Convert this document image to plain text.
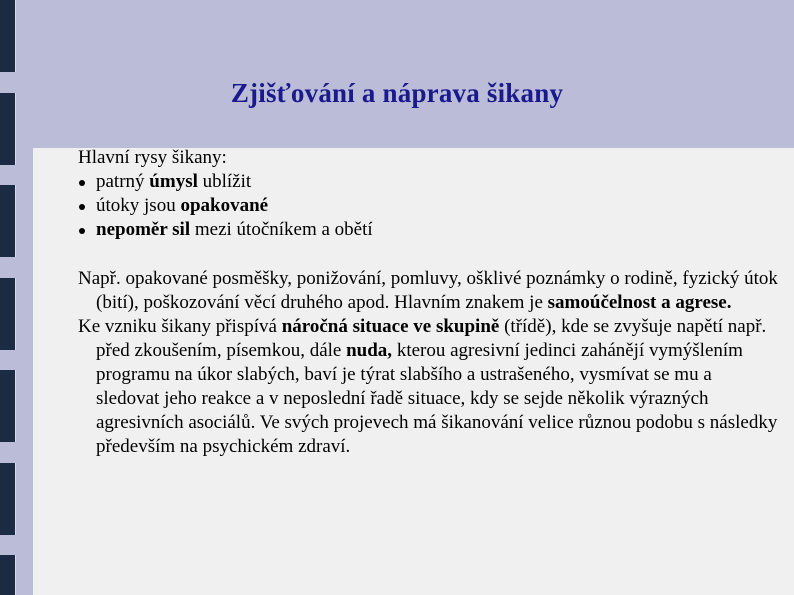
Zjišťování a náprava šikany

Hlavní rysy šikany:

patrný úmysl ublížit
útoky jsou opakované
nepoměr sil mezi útočníkem a obětí

Např. opakované posměšky, ponižování, pomluvy, ošklivé poznámky o rodině, fyzický útok (bití), poškozování věcí druhého apod. Hlavním znakem je samoúčelnost a agrese.

Ke vzniku šikany přispívá náročná situace ve skupině (třídě), kde se zvyšuje napětí např. před zkoušením, písemkou, dále nuda, kterou agresivní jedinci zahánějí vymýšlením programu na úkor slabých, baví je týrat slabšího a ustrašeného, vysmívat se mu a sledovat jeho reakce a v neposlední řadě situace, kdy se sejde několik výrazných agresivních asociálů. Ve svých projevech má šikanování velice různou podobu s následky především na psychickém zdraví.
